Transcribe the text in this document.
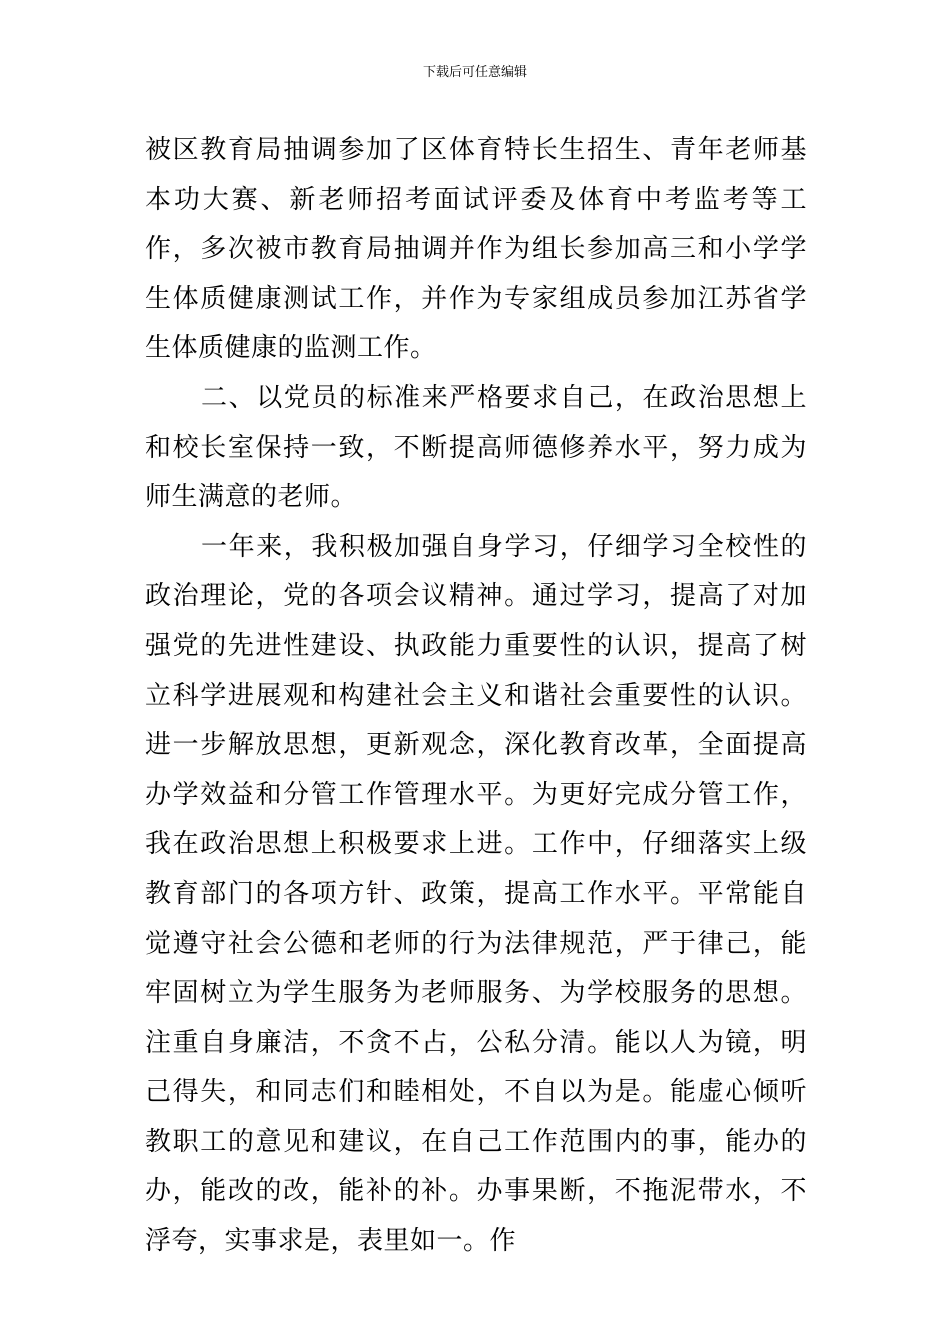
下载后可任意编辑

被区教育局抽调参加了区体育特长生招生、青年老师基本功大赛、新老师招考面试评委及体育中考监考等工作，多次被市教育局抽调并作为组长参加高三和小学学生体质健康测试工作，并作为专家组成员参加江苏省学生体质健康的监测工作。

二、以党员的标准来严格要求自己，在政治思想上和校长室保持一致，不断提高师德修养水平，努力成为师生满意的老师。

一年来，我积极加强自身学习，仔细学习全校性的政治理论，党的各项会议精神。通过学习，提高了对加强党的先进性建设、执政能力重要性的认识，提高了树立科学进展观和构建社会主义和谐社会重要性的认识。进一步解放思想，更新观念，深化教育改革，全面提高办学效益和分管工作管理水平。为更好完成分管工作，我在政治思想上积极要求上进。工作中，仔细落实上级教育部门的各项方针、政策，提高工作水平。平常能自觉遵守社会公德和老师的行为法律规范，严于律己，能牢固树立为学生服务为老师服务、为学校服务的思想。注重自身廉洁，不贪不占，公私分清。能以人为镜，明己得失，和同志们和睦相处，不自以为是。能虚心倾听教职工的意见和建议，在自己工作范围内的事，能办的办，能改的改，能补的补。办事果断，不拖泥带水，不浮夸，实事求是，表里如一。作
